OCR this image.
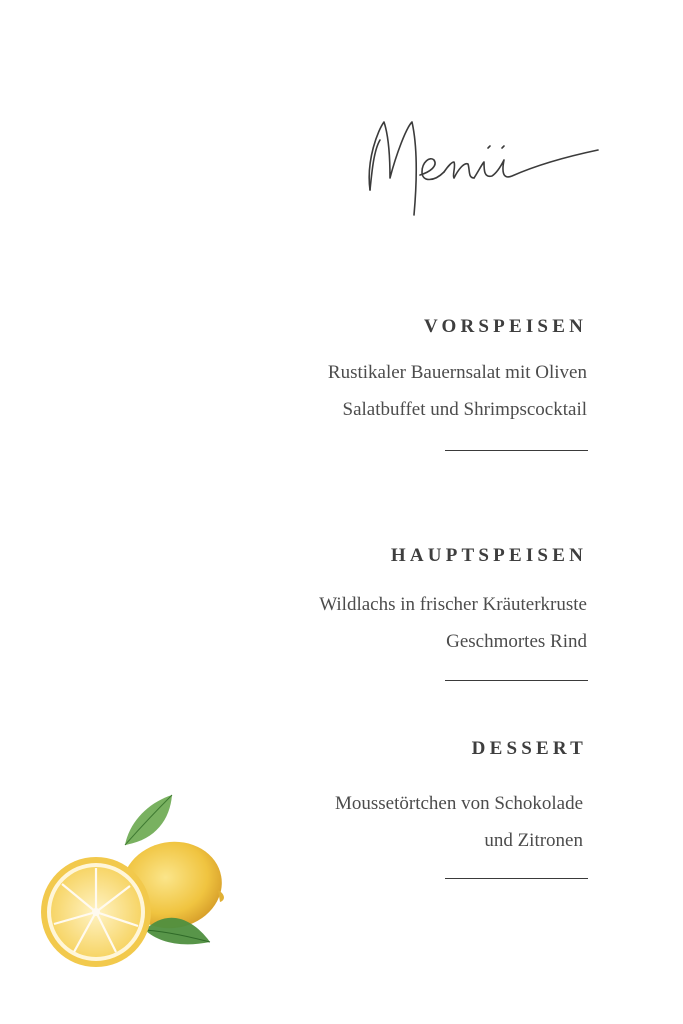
VORSPEISEN

Rustikaler Bauernsalat mit Oliven

Salatbuffet und Shrimpscocktail

HAUPTSPEISEN

Wildlachs in frischer Kräuterkruste

Geschmortes Rind

DESSERT

Moussetörtchen von Schokolade

und Zitronen
